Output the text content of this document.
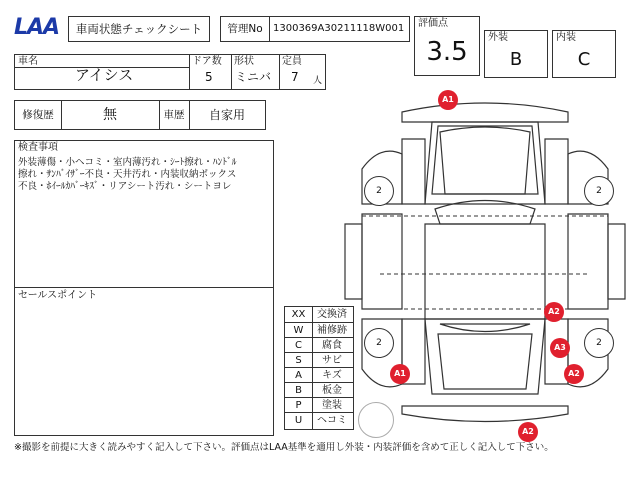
LAA	車両状態チェックシート	管理No	1300369A30211118W001 評価点
3.5	外装
B
内装
C
車名
アイシス
ドア数
5
形状
ミニバ
定員
7 人
修復歴	無	車歴	自家用
検査事項
外装薄傷・小ヘコミ・室内薄汚れ・ｼｰﾄ擦れ・ﾊﾝﾄﾞﾙ
擦れ・ｻﾝﾊﾞｲｻﾞｰ不良・天井汚れ・内装収納ボックス
不良・ﾎｲｰﾙｶﾊﾞｰｷｽﾞ・リアシート汚れ・シートヨレ
セールスポイント
XX	交換済
W	補修跡
C	腐食
S	サビ
A	キズ
B	板金
P	塗装
U	ヘコミ
2	2
2	2
A1
A2
A3
A1	A2
A2
※撮影を前提に大きく読みやすく記入して下さい。評価点はLAA基準を適用し外装・内装評価を含めて正しく記入して下さい。
